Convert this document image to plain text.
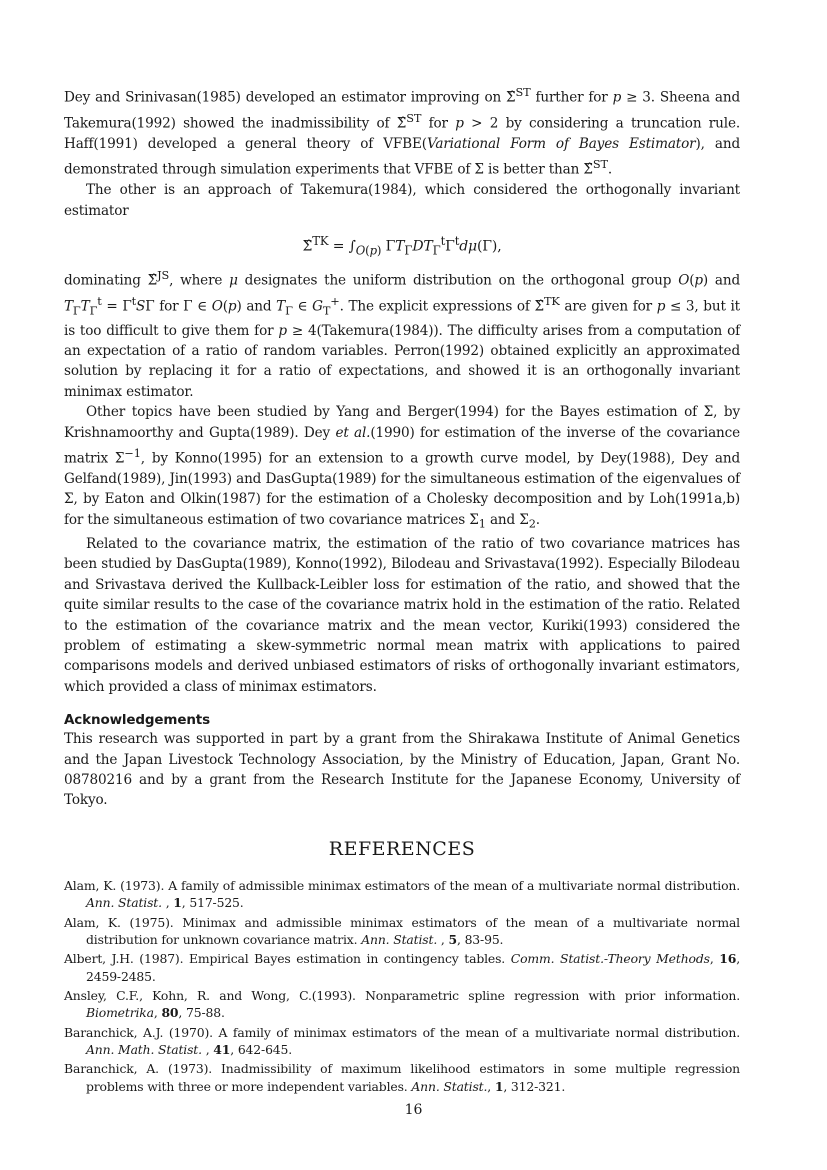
Dey and Srinivasan(1985) developed an estimator improving on Σ̂$^{ST}$ further for p ≥ 3. Sheena and Takemura(1992) showed the inadmissibility of Σ̂$^{ST}$ for p > 2 by considering a truncation rule. Haff(1991) developed a general theory of VFBE(Variational Form of Bayes Estimator), and demonstrated through simulation experiments that VFBE of Σ is better than Σ̂$^{ST}$.

The other is an approach of Takemura(1984), which considered the orthogonally invariant estimator

Σ̂$^{TK}$ = $\int_{O(p)}$ $\Gamma T_\Gamma DT_\Gamma^t\Gamma^td\mu(\Gamma)$,

dominating Σ̂$^{JS}$, where μ designates the uniform distribution on the orthogonal group O(p) and $T_\Gamma T_\Gamma^t = \Gamma^tS\Gamma$ for Γ ∈ O(p) and $T_\Gamma$ ∈ $G_T^+$. The explicit expressions of Σ̂$^{TK}$ are given for p ≤ 3, but it is too difficult to give them for p ≥ 4(Takemura(1984)). The difficulty arises from a computation of an expectation of a ratio of random variables. Perron(1992) obtained explicitly an approximated solution by replacing it for a ratio of expectations, and showed it is an orthogonally invariant minimax estimator.

Other topics have been studied by Yang and Berger(1994) for the Bayes estimation of Σ, by Krishnamoorthy and Gupta(1989). Dey et al.(1990) for estimation of the inverse of the covariance matrix $\Sigma^{-1}$, by Konno(1995) for an extension to a growth curve model, by Dey(1988), Dey and Gelfand(1989), Jin(1993) and DasGupta(1989) for the simultaneous estimation of the eigenvalues of Σ, by Eaton and Olkin(1987) for the estimation of a Cholesky decomposition and by Loh(1991a,b) for the simultaneous estimation of two covariance matrices $\Sigma_1$ and $\Sigma_2$.

Related to the covariance matrix, the estimation of the ratio of two covariance matrices has been studied by DasGupta(1989), Konno(1992), Bilodeau and Srivastava(1992). Especially Bilodeau and Srivastava derived the Kullback-Leibler loss for estimation of the ratio, and showed that the quite similar results to the case of the covariance matrix hold in the estimation of the ratio. Related to the estimation of the covariance matrix and the mean vector, Kuriki(1993) considered the problem of estimating a skew-symmetric normal mean matrix with applications to paired comparisons models and derived unbiased estimators of risks of orthogonally invariant estimators, which provided a class of minimax estimators.

Acknowledgements

This research was supported in part by a grant from the Shirakawa Institute of Animal Genetics and the Japan Livestock Technology Association, by the Ministry of Education, Japan, Grant No. 08780216 and by a grant from the Research Institute for the Japanese Economy, University of Tokyo.

REFERENCES
Alam, K. (1973). A family of admissible minimax estimators of the mean of a multivariate normal distribution. Ann. Statist. , 1, 517-525.
Alam, K. (1975). Minimax and admissible minimax estimators of the mean of a multivariate normal distribution for unknown covariance matrix. Ann. Statist. , 5, 83-95.
Albert, J.H. (1987). Empirical Bayes estimation in contingency tables. Comm. Statist.-Theory Methods, 16, 2459-2485.
Ansley, C.F., Kohn, R. and Wong, C.(1993). Nonparametric spline regression with prior information. Biometrika, 80, 75-88.
Baranchick, A.J. (1970). A family of minimax estimators of the mean of a multivariate normal distribution. Ann. Math. Statist. , 41, 642-645.
Baranchick, A. (1973). Inadmissibility of maximum likelihood estimators in some multiple regression problems with three or more independent variables. Ann. Statist., 1, 312-321.
16
